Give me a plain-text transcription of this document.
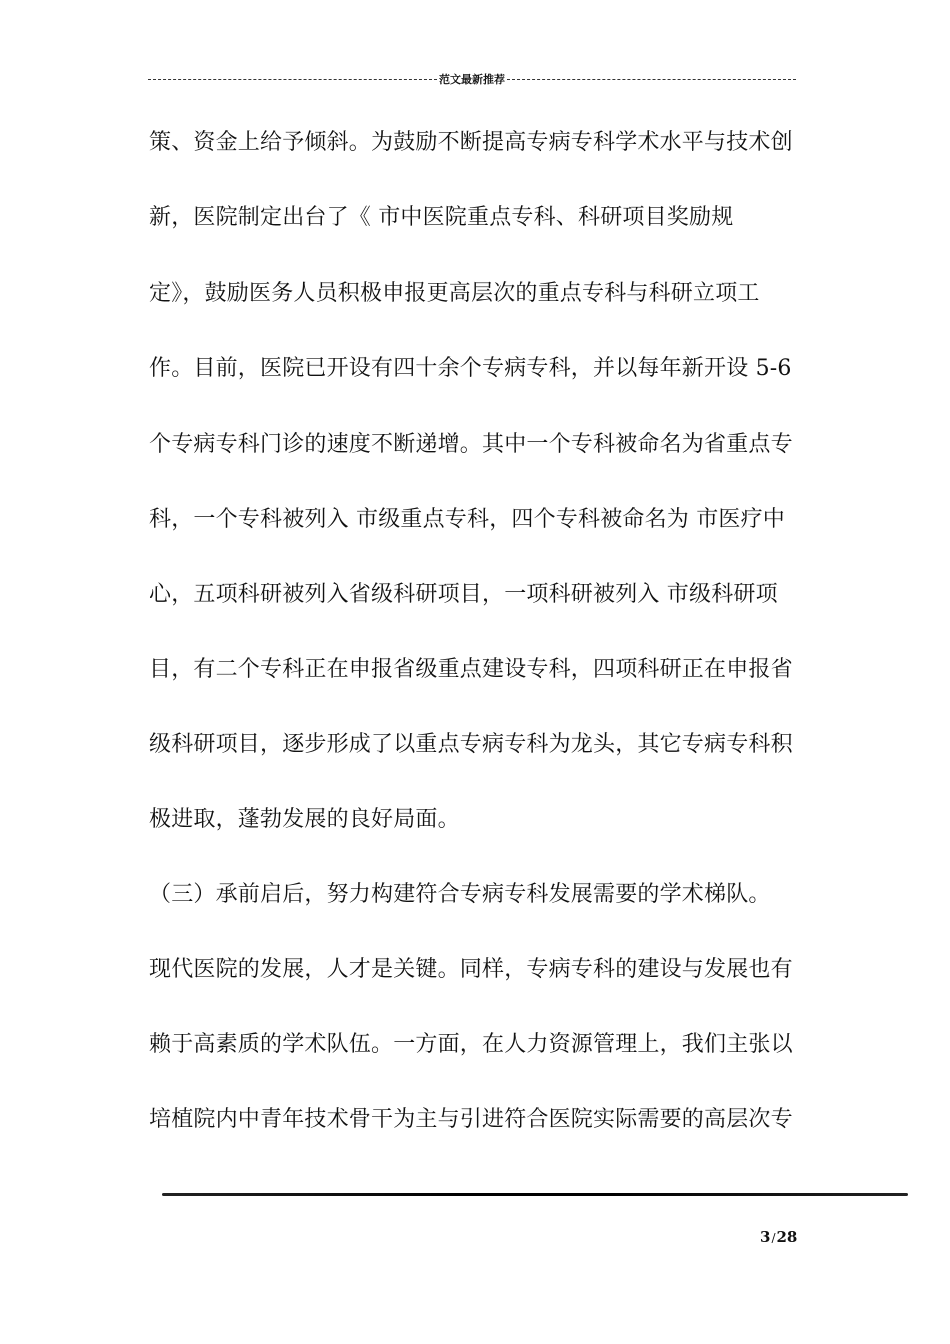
范文最新推荐
策、资金上给予倾斜。为鼓励不断提高专病专科学术水平与技术创
新，医院制定出台了《 市中医院重点专科、科研项目奖励规
定》，鼓励医务人员积极申报更高层次的重点专科与科研立项工
作。目前，医院已开设有四十余个专病专科，并以每年新开设 5-6
个专病专科门诊的速度不断递增。其中一个专科被命名为省重点专
科，一个专科被列入 市级重点专科，四个专科被命名为 市医疗中
心，五项科研被列入省级科研项目，一项科研被列入 市级科研项
目，有二个专科正在申报省级重点建设专科，四项科研正在申报省
级科研项目，逐步形成了以重点专病专科为龙头，其它专病专科积
极进取，蓬勃发展的良好局面。
（三）承前启后，努力构建符合专病专科发展需要的学术梯队。
现代医院的发展，人才是关键。同样，专病专科的建设与发展也有
赖于高素质的学术队伍。一方面，在人力资源管理上，我们主张以
培植院内中青年技术骨干为主与引进符合医院实际需要的高层次专
3/28
